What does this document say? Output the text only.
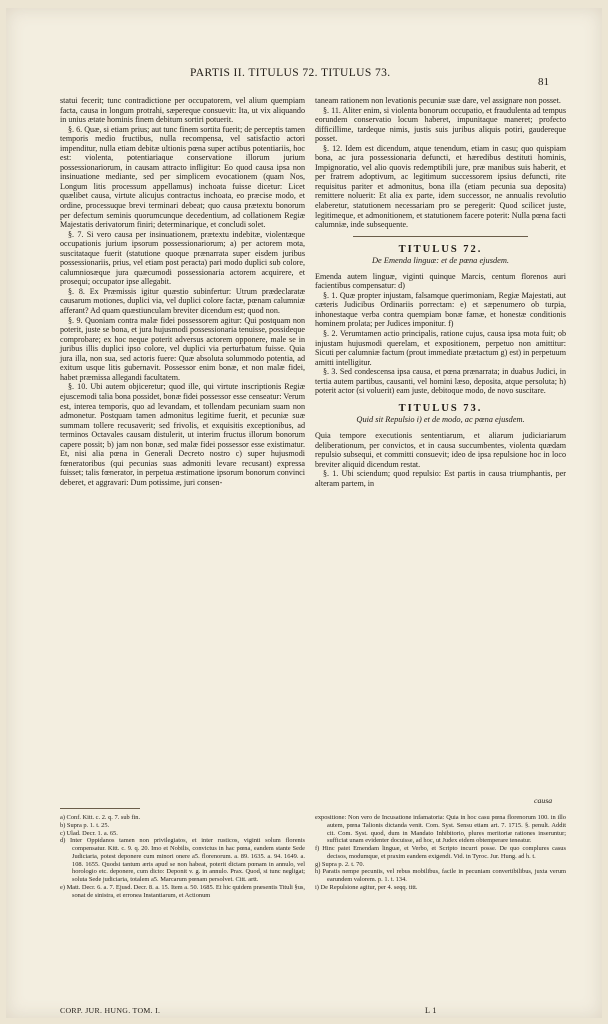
PARTIS II. TITULUS 72. TITULUS 73.
81

statui fecerit; tunc contradictione per occupatorem, vel alium quempiam facta, causa in longum protrahi, sæpereque consuevit: Ita, ut vix aliquando in unius ætate hominis finem debitum sortiri potuerit.

§. 6. Quæ, si etiam prius; aut tunc finem sortita fuerit; de perceptis tamen temporis medio fructibus, nulla recompensa, vel satisfactio actori impenditur, nulla etiam debitæ ultionis pœna super actibus potentiariis, hoc est: violenta, potentiariaque conservatione illorum jurium possessionariorum, in causam attracto infligitur: Eo quod causa ipsa non insinuatione mediante, sed per simplicem evocationem (quam Nos, Longum litis processum appellamus) inchoata fuisse dicetur: Licet quælibet causa, virtute alicujus contractus inchoata, eo præcise modo, et ordine, processuque brevi terminari debeat; quo causa prætextu bonorum per defectum seminis quorumcunque decedentium, ad collationem Regiæ Majestatis derivatorum finiri; determinarique, et concludi solet.

§. 7. Si vero causa per insinuationem, prætextu indebitæ, violentæque occupationis jurium ipsorum possessionariorum; a) per actorem mota, suscitataque fuerit (statutione quoque prænarrata super eisdem juribus possessionariis, prius, vel etiam post peracta) pari modo duplici sub colore, calumniosæque jura quæcumodi possessionaria actorem acquirere, et prosequi; occupator ipse allegabit.

§. 8. Ex Præmissis igitur quæstio subinfertur: Utrum prædeclaratæ causarum motiones, duplici via, vel duplici colore factæ, pœnam calumniæ afferant? Ad quam quæstiunculam breviter dicendum est; quod non.

§. 9. Quoniam contra malæ fidei possessorem agitur: Qui postquam non poterit, juste se bona, et jura hujusmodi possessionaria tenuisse, possideque comprobare; ex hoc neque poterit adversus actorem opponere, male se in juribus illis duplici ipso colore, vel duplici via perturbatum fuisse. Quia jura illa, non sua, sed actoris fuere: Quæ absoluta solummodo potentia, ad exitum usque litis gubernavit. Possessor enim bonæ, et non malæ fidei, habet præmissa allegandi facultatem.

§. 10. Ubi autem objiceretur; quod ille, qui virtute inscriptionis Regiæ ejuscemodi talia bona possidet, bonæ fidei possessor esse censeatur: Verum est, interea temporis, quo ad levandam, et tollendam pecuniam suam non admonetur. Postquam tamen admonitus legitime fuerit, et pecuniæ suæ summam tollere recusaverit; sed frivolis, et exquisitis exceptionibus, ad terminos Octavales causam distulerit, ut interim fructus illorum bonorum capere possit; b) jam non bonæ, sed malæ fidei possessor esse existimatur. Et, nisi alia pœna in Generali Decreto nostro c) super hujusmodi fœneratoribus (qui pecunias suas admoniti levare recusant) expressa fuisset; talis fœnerator, in perpetua æstimatione ipsorum bonorum convinci deberet, et aggravari: Dum potissime, juri consen-

taneam rationem non levationis pecuniæ suæ dare, vel assignare non posset.

§. 11. Aliter enim, si violenta bonorum occupatio, et fraudulenta ad tempus eorundem conservatio locum haberet, impunitaque maneret; profecto difficillime, tardeque nimis, justis suis juribus aliquis potiri, gaudereque posset.

§. 12. Idem est dicendum, atque tenendum, etiam in casu; quo quispiam bona, ac jura possessionaria defuncti, et hæredibus destituti hominis, Impignoratio, vel alio quovis redemptibili jure, præ manibus suis haberit, et per fratrem adoptivum, ac legitimum successorem ipsius defuncti, rite requisitus pariter et admonitus, bona illa (etiam pecunia sua deposita) remittere noluerit: Et alia ex parte, idem successor, ne annualis revolutio elaberetur, statutionem necessariam pro se peregerit: Quod scilicet juste, legitimeque, et admonitionem, et statutionem facere poterit: Nulla pœna facti calumniæ, inde subsequente.

TITULUS 72.
De Emenda linguæ: et de pœna ejusdem.

Emenda autem linguæ, viginti quinque Marcis, centum florenos auri facientibus compensatur: d)

§. 1. Quæ propter injustam, falsamque querimoniam, Regiæ Majestati, aut cæteris Judicibus Ordinariis porrectam: e) et sæpenumero ob turpia, inhonestaque verba contra quempiam bonæ famæ, et honestæ conditionis hominem prolata; per Judices imponitur. f)

§. 2. Verumtamen actio principalis, ratione cujus, causa ipsa mota fuit; ob injustam hujusmodi querelam, et expositionem, perpetuo non amittitur: Sicuti per calumniæ factum (prout immediate prætactum g) est) in perpetuum amitti intelligitur.

§. 3. Sed condescensa ipsa causa, et pœna prænarrata; in duabus Judici, in tertia autem partibus, causanti, vel homini læso, deposita, atque persoluta; h) poterit actor (si voluerit) eam juste, debitoque modo, de novo suscitare.

TITULUS 73.
Quid sit Repulsio i) et de modo, ac pœna ejusdem.

Quia tempore executionis sententiarum, et aliarum judiciariarum deliberationum, per convictos, et in causa succumbentes, violenta quædam repulsio subsequi, et committi consuevit; ideo de ipsa repulsione hoc in loco breviter aliquid dicendum restat.

§. 1. Ubi sciendum; quod repulsio: Est partis in causa triumphantis, per alteram partem, in

causa

a) Conf. Kitt. c. 2. q. 7. sub fin.

b) Supra p. 1. t. 25.

c) Ulad. Decr. 1. a. 65.

d) Inter Oppidanos tamen non privilegiatos, et inter rusticos, viginti solum florenis compensatur. Kitt. c. 9. q. 20. Imo et Nobilis, convictus in hac pœna, eandem stante Sede Judiciaria, potest deponere cum minori onere a5. florenorum. a. 89. 1635. a. 94. 1649. a. 108. 1655. Quodsi tantum æris apud se non habeat, poterit dictam pœnam in annulo, vel horologio etc. deponere, cum dicto: Deponit v. g. in annulo. Prax. Quod, si tunc negligat; soluta Sede judiciaria, totalem a5. Marcarum pœnam persolvet. Citt. artt.

e) Matt. Decr. 6. a. 7. Ejusd. Decr. 8. a. 15. Item a. 50. 1685. Et hic quidem præsentis Tituli §us, sonat de sinistra, et erronea Instantiarum, et Actionum

expositione: Non vero de Incusatione infamatoria: Quia in hoc casu pœna florenorum 100. in illo autem, pœna Talionis dictanda venit. Com. Syst. Sensu etiam art. 7. 1715. §. penult. Addit cit. Com. Syst. quod, dum in Mandato Inhibitorio, plures meritoriæ rationes inseruntur; sufficiat unam evidenter docuisse, ad hoc, ut Judex eidem obtemperare teneatur.

f) Hinc patet Emendam linguæ, et Verbo, et Scripto incurri posse. De quo complures casus decisos, modumque, et praxim eandem exigendi. Vid. in Tyroc. Jur. Hung. ad h. t.

g) Supra p. 2. t. 70.

h) Paratis nempe pecuniis, vel rebus mobilibus, facile in pecuniam convertibilibus, juxta verum earundem valorem. p. 1. t. 134.

i) De Repulsione agitur, per 4. seqq. titt.

CORP. JUR. HUNG. TOM. I.	L 1
